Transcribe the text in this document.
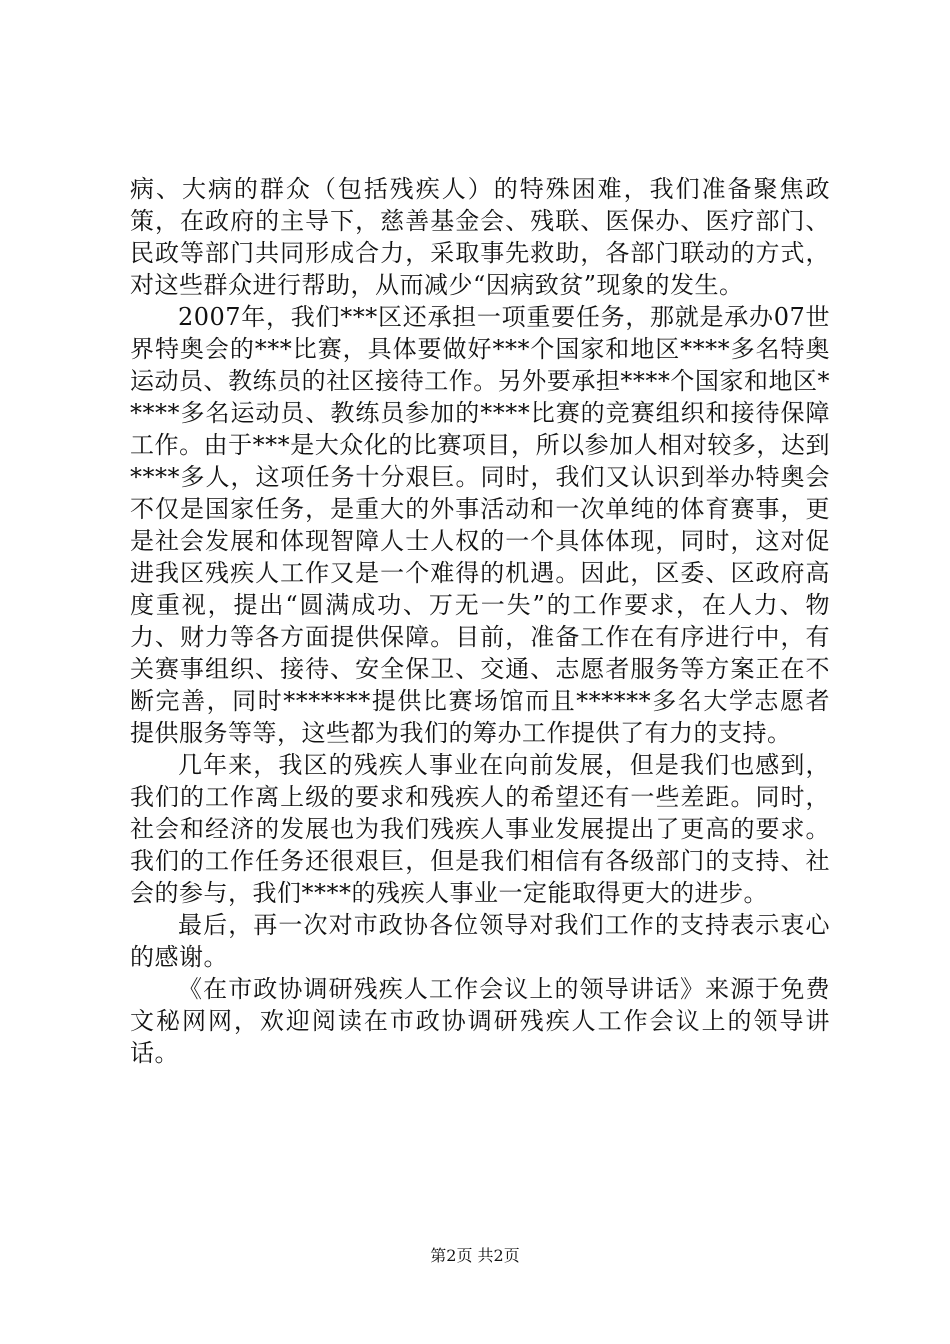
病、大病的群众（包括残疾人）的特殊困难，我们准备聚焦政策，在政府的主导下，慈善基金会、残联、医保办、医疗部门、民政等部门共同形成合力，采取事先救助，各部门联动的方式，对这些群众进行帮助，从而减少“因病致贫”现象的发生。

2007年，我们***区还承担一项重要任务，那就是承办07世界特奥会的***比赛，具体要做好***个国家和地区****多名特奥运动员、教练员的社区接待工作。另外要承担****个国家和地区*****多名运动员、教练员参加的****比赛的竞赛组织和接待保障工作。由于***是大众化的比赛项目，所以参加人相对较多，达到****多人，这项任务十分艰巨。同时，我们又认识到举办特奥会不仅是国家任务，是重大的外事活动和一次单纯的体育赛事，更是社会发展和体现智障人士人权的一个具体体现，同时，这对促进我区残疾人工作又是一个难得的机遇。因此，区委、区政府高度重视，提出“圆满成功、万无一失”的工作要求，在人力、物力、财力等各方面提供保障。目前，准备工作在有序进行中，有关赛事组织、接待、安全保卫、交通、志愿者服务等方案正在不断完善，同时*******提供比赛场馆而且******多名大学志愿者提供服务等等，这些都为我们的筹办工作提供了有力的支持。

几年来，我区的残疾人事业在向前发展，但是我们也感到，我们的工作离上级的要求和残疾人的希望还有一些差距。同时，社会和经济的发展也为我们残疾人事业发展提出了更高的要求。我们的工作任务还很艰巨，但是我们相信有各级部门的支持、社会的参与，我们****的残疾人事业一定能取得更大的进步。

最后，再一次对市政协各位领导对我们工作的支持表示衷心的感谢。

《在市政协调研残疾人工作会议上的领导讲话》来源于免费文秘网网，欢迎阅读在市政协调研残疾人工作会议上的领导讲话。

第2页 共2页
